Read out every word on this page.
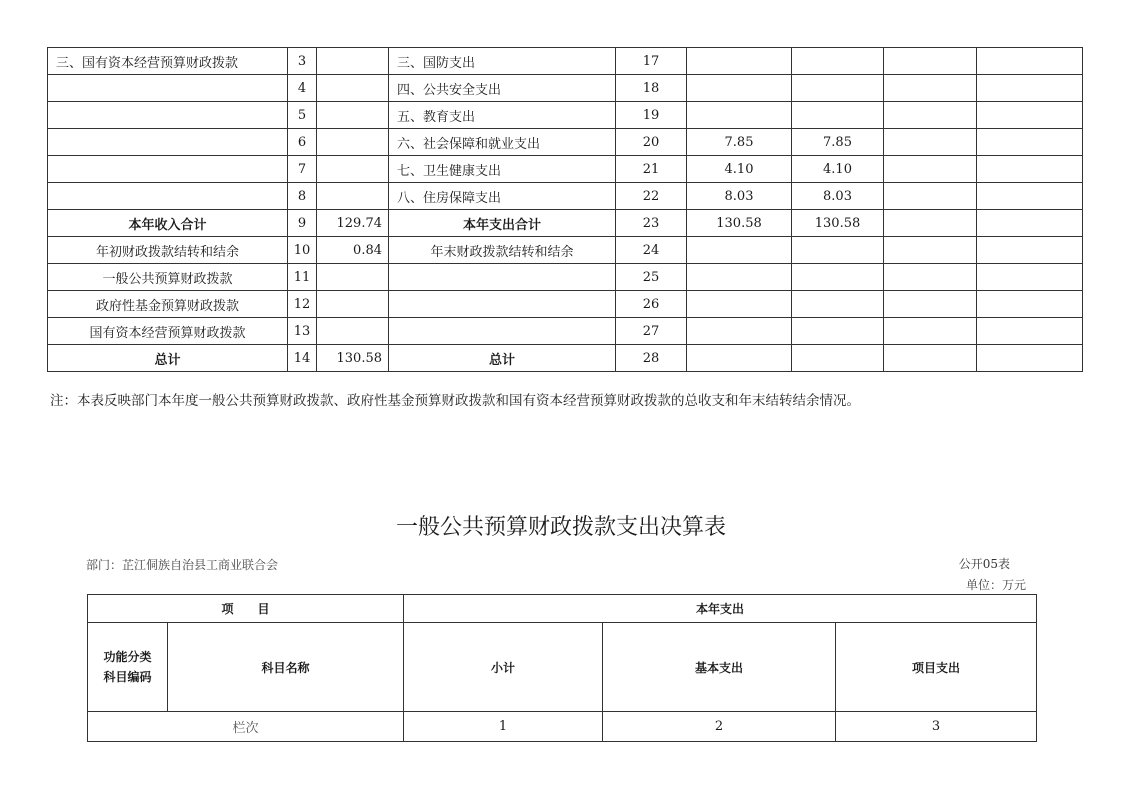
三、国有资本经营预算财政拨款	3		三、国防支出	17				
	4		四、公共安全支出	18				
	5		五、教育支出	19				
	6		六、社会保障和就业支出	20	7.85	7.85		
	7		七、卫生健康支出	21	4.10	4.10		
	8		八、住房保障支出	22	8.03	8.03		
本年收入合计	9	129.74	本年支出合计	23	130.58	130.58		
年初财政拨款结转和结余	10	0.84	年末财政拨款结转和结余	24				
一般公共预算财政拨款	11			25				
政府性基金预算财政拨款	12			26				
国有资本经营预算财政拨款	13			27				
总计	14	130.58	总计	28				
注：本表反映部门本年度一般公共预算财政拨款、政府性基金预算财政拨款和国有资本经营预算财政拨款的总收支和年末结转结余情况。
一般公共预算财政拨款支出决算表
部门：芷江侗族自治县工商业联合会	公开05表
单位：万元
项　　目		本年支出		
功能分类
科目编码	科目名称	小计	基本支出	项目支出
栏次		1	2	3
